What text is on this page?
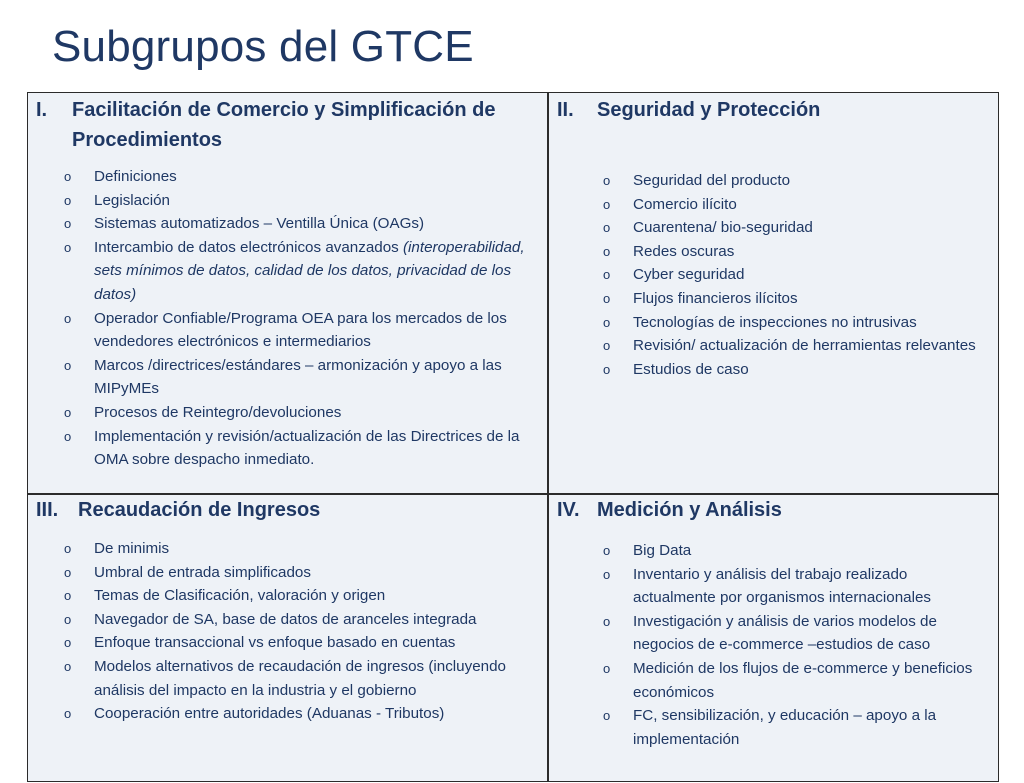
Subgrupos del GTCE
I.	Facilitación de Comercio y Simplificación de Procedimientos
o	Definiciones
o	Legislación
o	Sistemas automatizados – Ventilla Única (OAGs)
o	Intercambio de datos electrónicos avanzados (interoperabilidad, sets mínimos de datos, calidad de los datos, privacidad de los datos)
o	Operador Confiable/Programa OEA para los mercados de los vendedores electrónicos e intermediarios
o	Marcos /directrices/estándares – armonización y apoyo a las MIPyMEs
o	Procesos de Reintegro/devoluciones
o	Implementación y revisión/actualización de las Directrices de la OMA sobre despacho inmediato.
II.	Seguridad y Protección
o	Seguridad del producto
o	Comercio ilícito
o	Cuarentena/ bio-seguridad
o	Redes oscuras
o	Cyber seguridad
o	Flujos financieros ilícitos
o	Tecnologías de inspecciones no intrusivas
o	Revisión/ actualización de herramientas relevantes
o	Estudios de caso
III. Recaudación de Ingresos
o	De minimis
o	Umbral de entrada simplificados
o	Temas de Clasificación, valoración y origen
o	Navegador de SA, base de datos de aranceles integrada
o	Enfoque transaccional vs enfoque basado en cuentas
o	Modelos alternativos de recaudación de ingresos (incluyendo análisis del impacto en la industria y el gobierno
o	Cooperación entre autoridades (Aduanas - Tributos)
IV. Medición y Análisis
o	Big Data
o	Inventario y análisis del trabajo realizado actualmente por organismos internacionales
o	Investigación y análisis de varios modelos de negocios de e-commerce –estudios de caso
o	Medición de los flujos de e-commerce y beneficios económicos
o	FC, sensibilización, y educación – apoyo a la implementación
